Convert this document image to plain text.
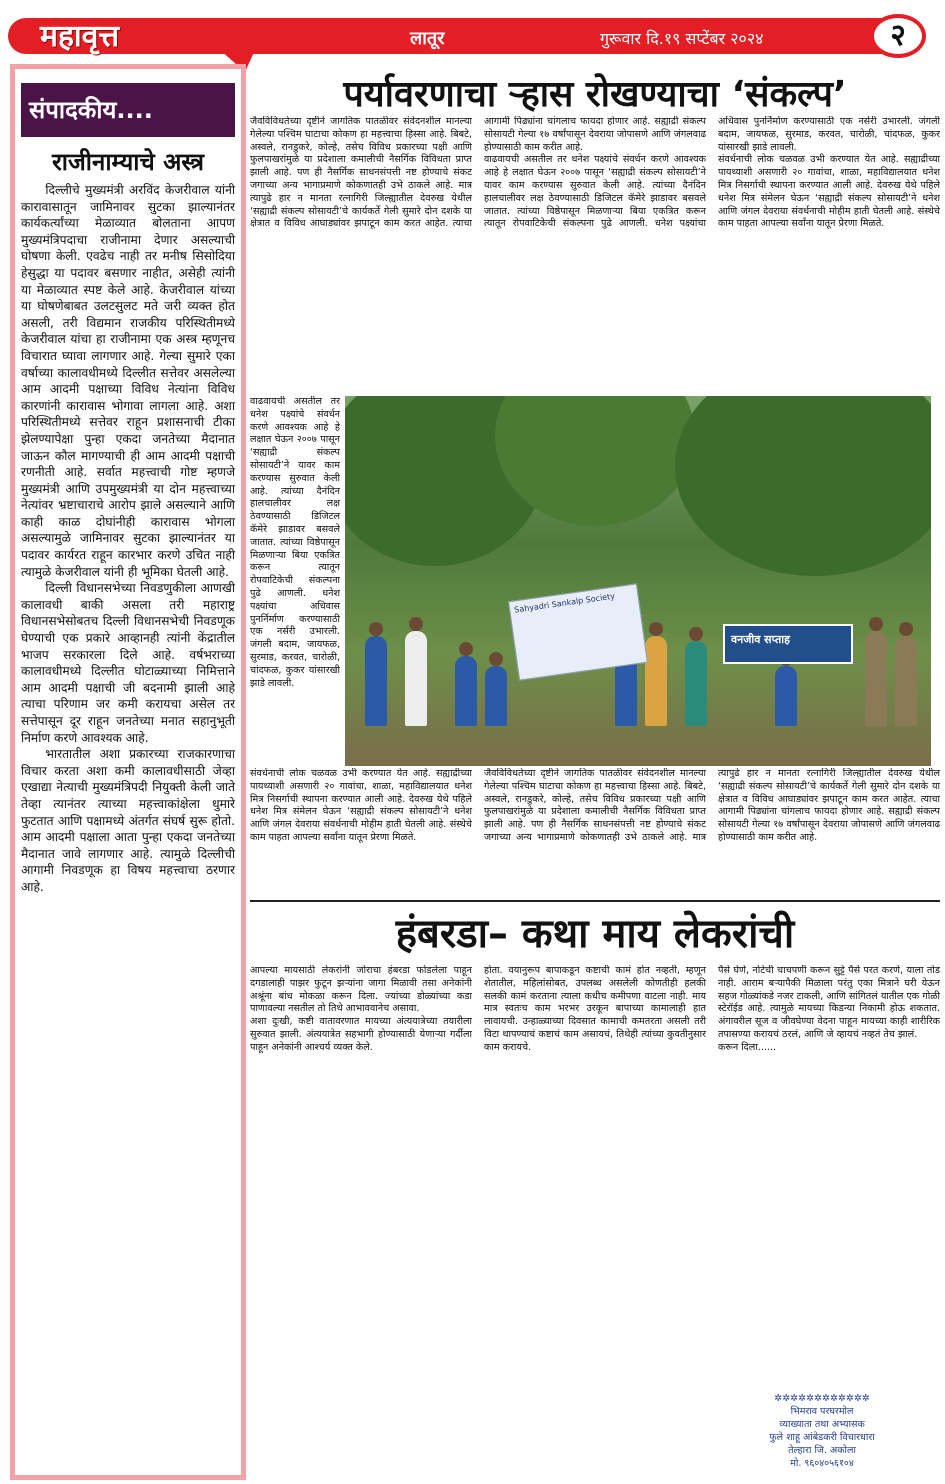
महावृत्त	लातूर	गुरूवार दि.१९ सप्टेंबर २०२४	२
संपादकीय....
राजीनाम्याचे अस्त्र

दिल्लीचे मुख्यमंत्री अरविंद केजरीवाल यांनी कारावासातून जामिनावर सुटका झाल्यानंतर कार्यकर्त्यांच्या मेळाव्यात बोलताना आपण मुख्यमंत्रिपदाचा राजीनामा देणार असल्याची घोषणा केली. एवढेच नाही तर मनीष सिसोदिया हेसुद्धा या पदावर बसणार नाहीत, असेही त्यांनी या मेळाव्यात स्पष्ट केले आहे. केजरीवाल यांच्या या घोषणेबाबत उलटसुलट मते जरी व्यक्त होत असली, तरी विद्यमान राजकीय परिस्थितीमध्ये केजरीवाल यांचा हा राजीनामा एक अस्त्र म्हणूनच विचारात घ्यावा लागणार आहे. गेल्या सुमारे एका वर्षाच्या कालावधीमध्ये दिल्लीत सत्तेवर असलेल्या आम आदमी पक्षाच्या विविध नेत्यांना विविध कारणांनी कारावास भोगावा लागला आहे. अशा परिस्थितीमध्ये सत्तेवर राहून प्रशासनाची टीका झेलण्यापेक्षा पुन्हा एकदा जनतेच्या मैदानात जाऊन कौल मागण्याची ही आम आदमी पक्षाची रणनीती आहे. सर्वात महत्त्वाची गोष्ट म्हणजे मुख्यमंत्री आणि उपमुख्यमंत्री या दोन महत्त्वाच्या नेत्यांवर भ्रष्टाचाराचे आरोप झाले असल्याने आणि काही काळ दोघांनीही कारावास भोगला असल्यामुळे जामिनावर सुटका झाल्यानंतर या पदावर कार्यरत राहून कारभार करणे उचित नाही त्यामुळे केजरीवाल यांनी ही भूमिका घेतली आहे.

दिल्ली विधानसभेच्या निवडणुकीला आणखी कालावधी बाकी असला तरी महाराष्ट्र विधानसभेसोबतच दिल्ली विधानसभेची निवडणूक घेण्याची एक प्रकारे आव्हानही त्यांनी केंद्रातील भाजप सरकारला दिले आहे. वर्षभराच्या कालावधीमध्ये दिल्लीत घोटाळ्याच्या निमित्ताने आम आदमी पक्षाची जी बदनामी झाली आहे त्याचा परिणाम जर कमी करायचा असेल तर सत्तेपासून दूर राहून जनतेच्या मनात सहानुभूती निर्माण करणे आवश्यक आहे.

भारतातील अशा प्रकारच्या राजकारणाचा विचार करता अशा कमी कालावधीसाठी जेव्हा एखाद्या नेत्याची मुख्यमंत्रिपदी नियुक्ती केली जाते तेव्हा त्यानंतर त्याच्या महत्त्वाकांक्षेला धुमारे फुटतात आणि पक्षामध्ये अंतर्गत संघर्ष सुरू होतो. आम आदमी पक्षाला आता पुन्हा एकदा जनतेच्या मैदानात जावे लागणार आहे. त्यामुळे दिल्लीची आगामी निवडणूक हा विषय महत्त्वाचा ठरणार आहे.

पर्यावरणाचा ऱ्हास रोखण्याचा ‘संकल्प’

जैवविविधतेच्या दृष्टीने जागतिक पातळीवर संवेदनशील मानल्या गेलेल्या पश्चिम घाटाचा कोकण हा महत्त्वाचा हिस्सा आहे. बिबटे, अस्वले, रानडुकरे, कोल्हे, तसेच विविध प्रकारच्या पक्षी आणि फुलपाखरांमुळे या प्रदेशाला कमालीची नैसर्गिक विविधता प्राप्त झाली आहे. पण ही नैसर्गिक साधनसंपत्ती नष्ट होण्याचे संकट जगाच्या अन्य भागाप्रमाणे कोकणातही उभे ठाकले आहे. मात्र त्यापुढे हार न मानता रत्नागिरी जिल्ह्यातील देवरुख येथील ‘सह्याद्री संकल्प सोसायटी’चे कार्यकर्ते गेली सुमारे दोन दशके या क्षेत्रात व विविध आघाड्यांवर झपाटून काम करत आहेत. त्याचा आगामी पिढ्यांना चांगलाच फायदा होणार आहे. सह्याद्री संकल्प सोसायटी गेल्या १७ वर्षांपासून देवराया जोपासणे आणि जंगलवाढ होण्यासाठी काम करीत आहे.

वाढवायची असतील तर धनेश पक्ष्यांचे संवर्धन करणे आवश्यक आहे हे लक्षात घेऊन २००७ पासून ‘सह्याद्री संकल्प सोसायटी’ने यावर काम करण्यास सुरुवात केली आहे. त्यांच्या दैनंदिन हालचालीवर लक्ष ठेवण्यासाठी डिजिटल कॅमेरे झाडावर बसवले जातात. त्यांच्या विष्ठेपासून मिळणाऱ्या बिया एकत्रित करून त्यातून रोपवाटिकेची संकल्पना पुढे आणली. धनेश पक्ष्यांचा अधिवास पुनर्निर्माण करण्यासाठी एक नर्सरी उभारली. जंगली बदाम, जायफळ, सुरमाड, करवत, चारोळी, चांदफळ, कुकर यांसारखी झाडे लावली.

संवर्धनाची लोक चळवळ उभी करण्यात येत आहे. सह्याद्रीच्या पायथ्याशी असणारी २० गावांचा, शाळा, महाविद्यालयात धनेश मित्र निसर्गाची स्थापना करण्यात आली आहे. देवरुख येथे पहिले धनेश मित्र संमेलन घेऊन ‘सह्याद्री संकल्प सोसायटी’ने धनेश आणि जंगल देवराया संवर्धनाची मोहीम हाती घेतली आहे. संस्थेचे काम पाहता आपल्या सर्वांना यातून प्रेरणा मिळते.

Sahyadri Sankalp Society
वनजीव सप्ताह

वाढवायची असतील तर धनेश पक्ष्यांचे संवर्धन करणे आवश्यक आहे हे लक्षात घेऊन २००७ पासून ‘सह्याद्री संकल्प सोसायटी’ने यावर काम करण्यास सुरुवात केली आहे. त्यांच्या दैनंदिन हालचालीवर लक्ष ठेवण्यासाठी डिजिटल कॅमेरे झाडावर बसवले जातात. त्यांच्या विष्ठेपासून मिळणाऱ्या बिया एकत्रित करून त्यातून रोपवाटिकेची संकल्पना पुढे आणली. धनेश पक्ष्यांचा अधिवास पुनर्निर्माण करण्यासाठी एक नर्सरी उभारली. जंगली बदाम, जायफळ, सुरमाड, करवत, चारोळी, चांदफळ, कुकर यांसारखी झाडे लावली.

संवर्धनाची लोक चळवळ उभी करण्यात येत आहे. सह्याद्रीच्या पायथ्याशी असणारी २० गावांचा, शाळा, महाविद्यालयात धनेश मित्र निसर्गाची स्थापना करण्यात आली आहे. देवरुख येथे पहिले धनेश मित्र संमेलन घेऊन ‘सह्याद्री संकल्प सोसायटी’ने धनेश आणि जंगल देवराया संवर्धनाची मोहीम हाती घेतली आहे. संस्थेचे काम पाहता आपल्या सर्वांना यातून प्रेरणा मिळते.

जैवविविधतेच्या दृष्टीने जागतिक पातळीवर संवेदनशील मानल्या गेलेल्या पश्चिम घाटाचा कोकण हा महत्त्वाचा हिस्सा आहे. बिबटे, अस्वले, रानडुकरे, कोल्हे, तसेच विविध प्रकारच्या पक्षी आणि फुलपाखरांमुळे या प्रदेशाला कमालीची नैसर्गिक विविधता प्राप्त झाली आहे. पण ही नैसर्गिक साधनसंपत्ती नष्ट होण्याचे संकट जगाच्या अन्य भागाप्रमाणे कोकणातही उभे ठाकले आहे. मात्र त्यापुढे हार न मानता रत्नागिरी जिल्ह्यातील देवरुख येथील ‘सह्याद्री संकल्प सोसायटी’चे कार्यकर्ते गेली सुमारे दोन दशके या क्षेत्रात व विविध आघाड्यांवर झपाटून काम करत आहेत. त्याचा आगामी पिढ्यांना चांगलाच फायदा होणार आहे. सह्याद्री संकल्प सोसायटी गेल्या १७ वर्षांपासून देवराया जोपासणे आणि जंगलवाढ होण्यासाठी काम करीत आहे.

हंबरडा– कथा माय लेकरांची

आपल्या मायसाठी लेकरांनी जोराचा हंबरडा फोडलेला पाहून दगडालाही पाझर फुटून झऱ्यांना जागा मिळावी तसा अनेकांनी अश्रूंना बांध मोकळा करून दिला. ज्यांच्या डोळ्यांच्या कडा पाणावल्या नसतील तो तिथे आभाववानेच असावा.

अशा दुःखी, कष्टी वातावरणात मायच्या अंत्ययात्रेच्या तयारीला सुरुवात झाली. अंत्ययात्रेत सहभागी होण्यासाठी येणाऱ्या गर्दीला पाहून अनेकांनी आश्चर्य व्यक्त केले.

होता. वयानुरूप बापाकडून कष्टाची कामं होत नव्हती, म्हणून शेतातील, महिलांसोबत, उपलब्ध असलेली कोणतीही हलकी सलकी कामं करताना त्याला कधीच कमीपणा वाटला नाही. माय मात्र स्वतःच काम भरभर उरकून बापाच्या कामालाही हात लावायची. उन्हाळ्याच्या दिवसात कामाची कमतरता असली तरी विटा थापण्याचं कष्टाचं काम असायचं, तिथेही त्यांच्या कुवतीनुसार काम करायचे.

पैसे घेणे, नोटेची चाचपणी करून सुट्टे पैसे परत करणे, याला तोड नाही. आराम बऱ्यापैकी मिळाला परंतु एका मित्राने घरी येऊन सहज गोळ्यांकडे नजर टाकली, आणि सांगितलं यातील एक गोळी स्टेरॉईड आहे. त्यामुळे मायच्या किडन्या निकामी होऊ शकतात. अंगावरील सूज व जीवघेण्या वेदना पाहून मायच्या काही शारीरिक तपासण्या करायचं ठरलं, आणि जे व्हायचं नव्हतं तेच झालं.

करून दिला......

✲✲✲✲✲✲✲✲✲✲✲✲
भिमराव परघरमोल
व्याख्याता तथा अभ्यासक
फुले शाहू आंबेडकरी विचारधारा
तेल्हारा जि. अकोला
मो. ९६०४०५६१०४
